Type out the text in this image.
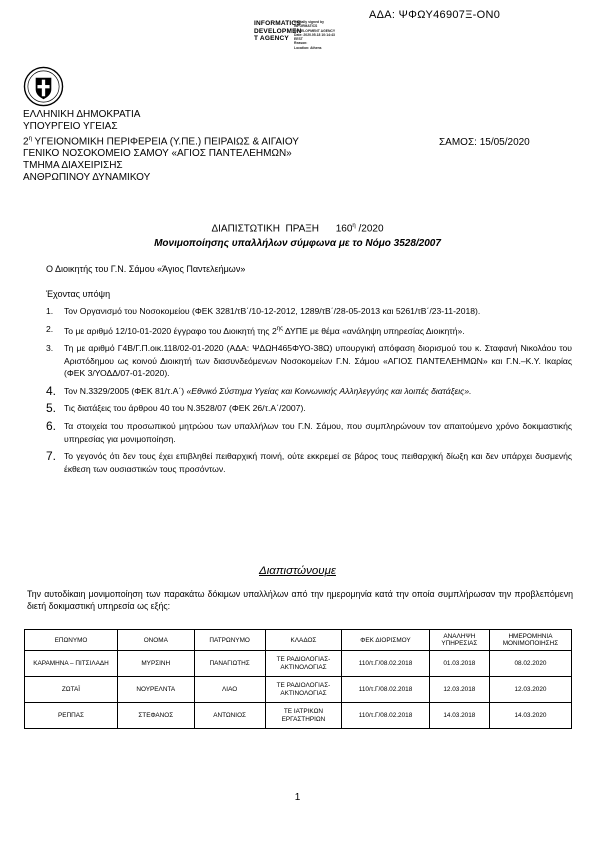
ΑΔΑ: ΨΦΩΥ46907Ξ-ΟΝ0
INFORMATICS
DEVELOPMEN
T AGENCY
Digitally signed by
INFORMATICS
DEVELOPMENT AGENCY
Date: 2020.05.18 10:14:43
EEST
Reason:
Location: Athens
ΕΛΛΗΝΙΚΗ ΔΗΜΟΚΡΑΤΙΑ
ΥΠΟΥΡΓΕΙΟ ΥΓΕΙΑΣ
$2^\eta$ ΥΓΕΙΟΝΟΜΙΚΗ ΠΕΡΙΦΕΡΕΙΑ (Υ.ΠΕ.) ΠΕΙΡΑΙΩΣ & ΑΙΓΑΙΟΥ
ΓΕΝΙΚΟ ΝΟΣΟΚΟΜΕΙΟ ΣΑΜΟΥ «ΑΓΙΟΣ ΠΑΝΤΕΛΕΗΜΩΝ»
ΤΜΗΜΑ ΔΙΑΧΕΙΡΙΣΗΣ
ΑΝΘΡΩΠΙΝΟΥ ΔΥΝΑΜΙΚΟΥ
ΣΑΜΟΣ: 15/05/2020
ΔΙΑΠΙΣΤΩΤΙΚΗ  ΠΡΑΞΗ      $160^\eta$ /2020
Μονιμοποίησης υπαλλήλων σύμφωνα με το Νόμο 3528/2007
Ο Διοικητής του Γ.Ν. Σάμου «Άγιος Παντελεήμων»
Έχοντας υπόψη
1. Τον Οργανισμό του Νοσοκομείου (ΦΕΚ 3281/τΒ΄/10-12-2012, 1289/τΒ΄/28-05-2013 και 5261/τΒ΄/23-11-2018).
2. Το με αριθμό 12/10-01-2020 έγγραφο του Διοικητή της $2^{\eta\varsigma}$ ΔΥΠΕ με θέμα «ανάληψη υπηρεσίας Διοικητή».
3. Τη με αριθμό Γ4Β/Γ.Π.οικ.118/02-01-2020 (ΑΔΑ: ΨΔΩΗ465ΦΥΟ-38Ω) υπουργική απόφαση διορισμού του κ. Σταφανή Νικολάου του Αριστόδημου ως κοινού Διοικητή των διασυνδεόμενων Νοσοκομείων Γ.Ν. Σάμου «ΑΓΙΟΣ ΠΑΝΤΕΛΕΗΜΩΝ» και Γ.Ν.–Κ.Υ. Ικαρίας (ΦΕΚ 3/ΥΟΔΔ/07-01-2020).
4. Τον Ν.3329/2005 (ΦΕΚ 81/τ.Α΄) «Εθνικό Σύστημα Υγείας και Κοινωνικής Αλληλεγγύης και λοιπές διατάξεις».
5. Τις διατάξεις του άρθρου 40 του Ν.3528/07 (ΦΕΚ 26/τ.Α΄/2007).
6. Τα στοιχεία του προσωπικού μητρώου των υπαλλήλων του Γ.Ν. Σάμου, που συμπληρώνουν τον απαιτούμενο χρόνο δοκιμαστικής υπηρεσίας για μονιμοποίηση.
7. Το γεγονός ότι δεν τους έχει επιβληθεί πειθαρχική ποινή, ούτε εκκρεμεί σε βάρος τους πειθαρχική δίωξη και δεν υπάρχει δυσμενής έκθεση των ουσιαστικών τους προσόντων.
Διαπιστώνουμε
Την αυτοδίκαιη μονιμοποίηση των παρακάτω δόκιμων υπαλλήλων από την ημερομηνία κατά την οποία συμπλήρωσαν την προβλεπόμενη διετή δοκιμαστική υπηρεσία ως εξής:
ΕΠΩΝΥΜΟ	ΟΝΟΜΑ	ΠΑΤΡΩΝΥΜΟ	ΚΛΑΔΟΣ	ΦΕΚ ΔΙΟΡΙΣΜΟΥ	ΑΝΑΛΗΨΗ ΥΠΗΡΕΣΙΑΣ	ΗΜΕΡΟΜΗΝΙΑ ΜΟΝΙΜΟΠΟΙΗΣΗΣ
ΚΑΡΑΜΗΝΑ – ΠΙΤΣΙΛΑΔΗ	ΜΥΡΣΙΝΗ	ΠΑΝΑΓΙΩΤΗΣ	ΤΕ ΡΑΔΙΟΛΟΓΙΑΣ-ΑΚΤΙΝΟΛΟΓΙΑΣ	110/τ.Γ/08.02.2018	01.03.2018	08.02.2020
ΖΩΤΑΪ	ΝΟΥΡΕΛΝΤΑ	ΛΙΑΟ	ΤΕ ΡΑΔΙΟΛΟΓΙΑΣ-ΑΚΤΙΝΟΛΟΓΙΑΣ	110/τ.Γ/08.02.2018	12.03.2018	12.03.2020
ΡΕΠΠΑΣ	ΣΤΕΦΑΝΟΣ	ΑΝΤΩΝΙΟΣ	ΤΕ ΙΑΤΡΙΚΩΝ ΕΡΓΑΣΤΗΡΙΩΝ	110/τ.Γ/08.02.2018	14.03.2018	14.03.2020
1
